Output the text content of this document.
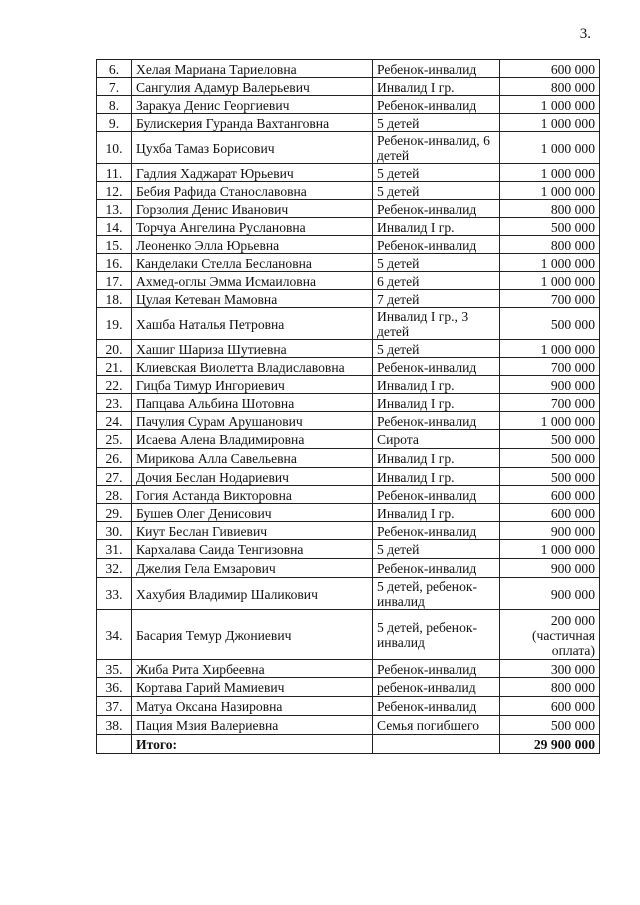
3.
6.	Хелая Мариана Тариеловна	Ребенок-инвалид	600 000
7.	Сангулия Адамур Валерьевич	Инвалид I гр.	800 000
8.	Заракуа Денис Георгиевич	Ребенок-инвалид	1 000 000
9.	Булискерия Гуранда Вахтанговна	5 детей	1 000 000
10.	Цухба Тамаз Борисович	Ребенок-инвалид, 6 детей	1 000 000
11.	Гадлия Хаджарат Юрьевич	5 детей	1 000 000
12.	Бебия Рафида Станославовна	5 детей	1 000 000
13.	Горзолия Денис Иванович	Ребенок-инвалид	800 000
14.	Торчуа Ангелина Руслановна	Инвалид I гр.	500 000
15.	Леоненко Элла Юрьевна	Ребенок-инвалид	800 000
16.	Канделаки Стелла Беслановна	5 детей	1 000 000
17.	Ахмед-оглы Эмма Исмаиловна	6 детей	1 000 000
18.	Цулая Кетеван Мамовна	7 детей	700 000
19.	Хашба Наталья Петровна	Инвалид I гр., 3 детей	500 000
20.	Хашиг Шариза Шутиевна	5 детей	1 000 000
21.	Клиевская Виолетта Владиславовна	Ребенок-инвалид	700 000
22.	Гицба Тимур Ингориевич	Инвалид I гр.	900 000
23.	Папцава Альбина Шотовна	Инвалид I гр.	700 000
24.	Пачулия Сурам Арушанович	Ребенок-инвалид	1 000 000
25.	Исаева Алена Владимировна	Сирота	500 000
26.	Мирикова Алла Савельевна	Инвалид I гр.	500 000
27.	Дочия Беслан Нодариевич	Инвалид I гр.	500 000
28.	Гогия Астанда Викторовна	Ребенок-инвалид	600 000
29.	Бушев Олег Денисович	Инвалид I гр.	600 000
30.	Киут Беслан Гивиевич	Ребенок-инвалид	900 000
31.	Кархалава Саида Тенгизовна	5 детей	1 000 000
32.	Джелия Гела Емзарович	Ребенок-инвалид	900 000
33.	Хахубия Владимир Шаликович	5 детей, ребенок-инвалид	900 000
34.	Басария Темур Джониевич	5 детей, ребенок-инвалид	200 000 (частичная оплата)
35.	Жиба Рита Хирбеевна	Ребенок-инвалид	300 000
36.	Кортава Гарий Мамиевич	ребенок-инвалид	800 000
37.	Матуа Оксана Назировна	Ребенок-инвалид	600 000
38.	Пация Мзия Валериевна	Семья погибшего	500 000
	Итого:		29 900 000
